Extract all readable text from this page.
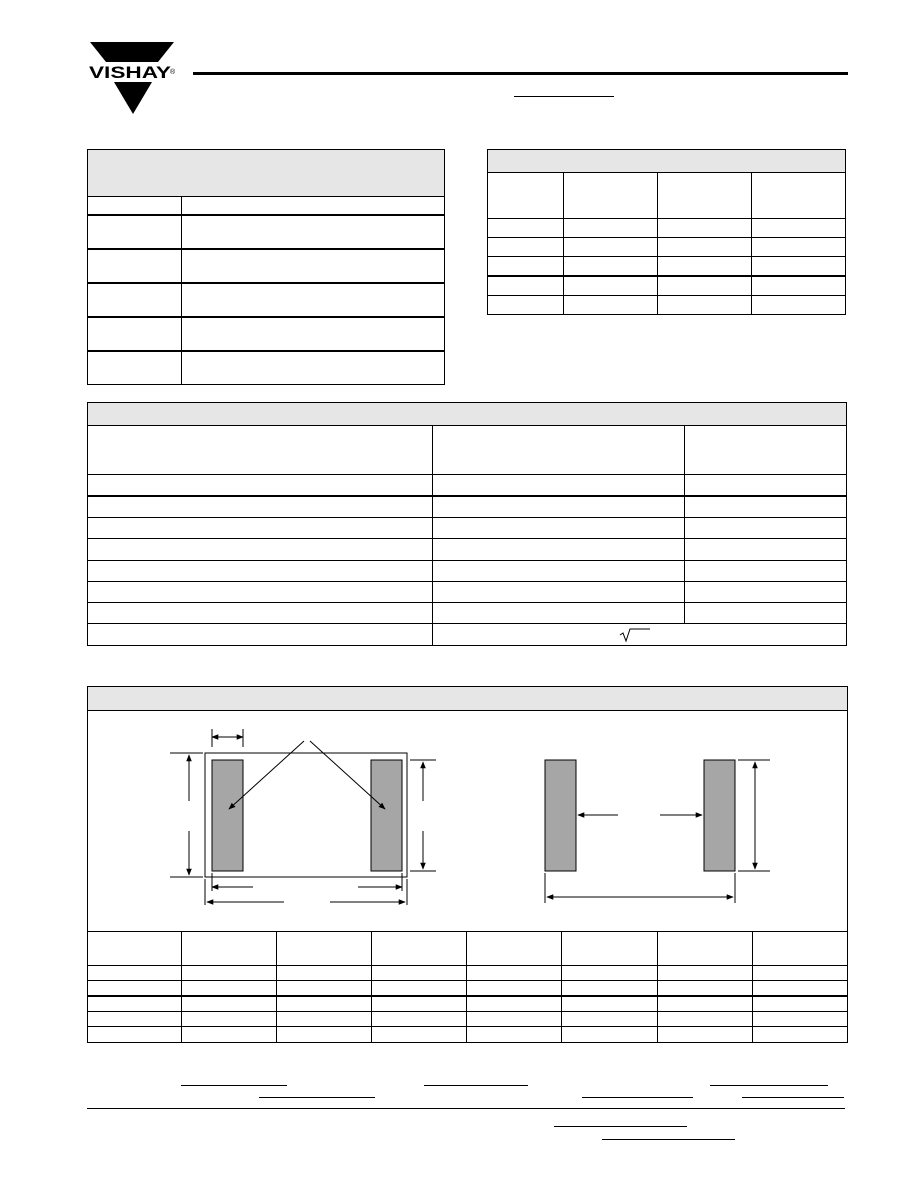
VISHAY
®
